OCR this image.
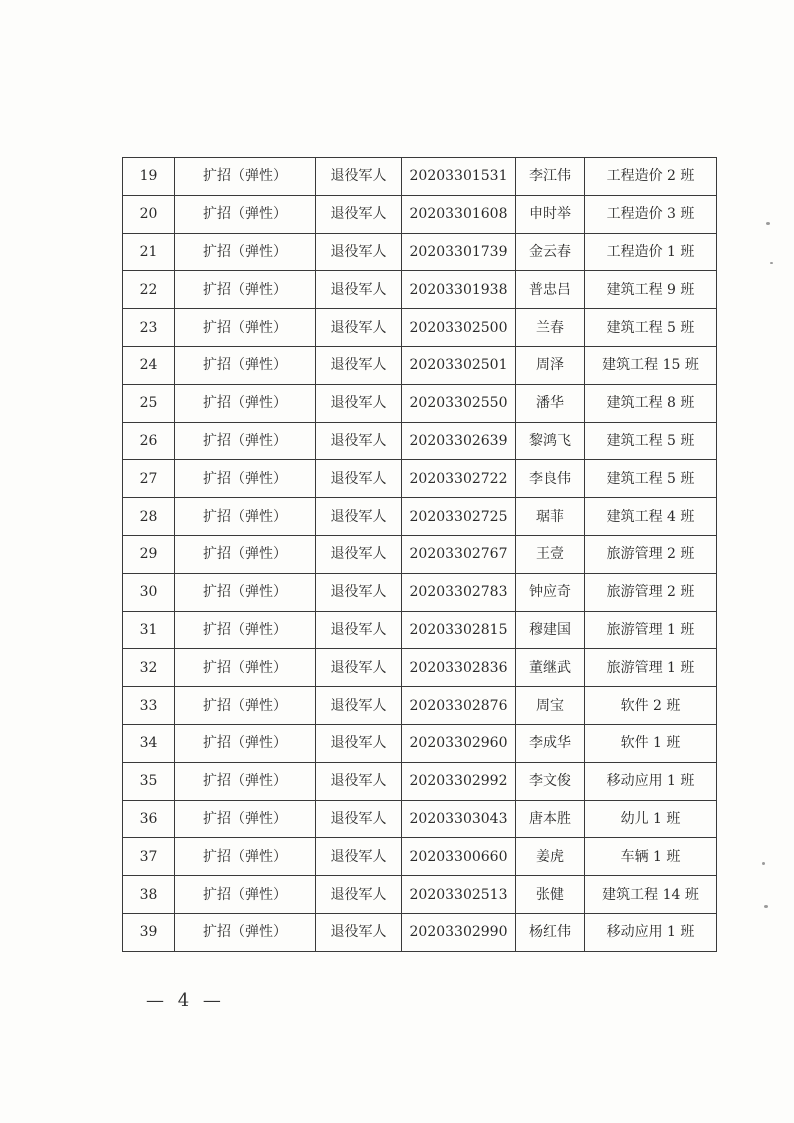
19	扩招（弹性）	退役军人	20203301531	李江伟	工程造价 2 班
20	扩招（弹性）	退役军人	20203301608	申时举	工程造价 3 班
21	扩招（弹性）	退役军人	20203301739	金云春	工程造价 1 班
22	扩招（弹性）	退役军人	20203301938	普忠吕	建筑工程 9 班
23	扩招（弹性）	退役军人	20203302500	兰春	建筑工程 5 班
24	扩招（弹性）	退役军人	20203302501	周泽	建筑工程 15 班
25	扩招（弹性）	退役军人	20203302550	潘华	建筑工程 8 班
26	扩招（弹性）	退役军人	20203302639	黎鸿飞	建筑工程 5 班
27	扩招（弹性）	退役军人	20203302722	李良伟	建筑工程 5 班
28	扩招（弹性）	退役军人	20203302725	琚菲	建筑工程 4 班
29	扩招（弹性）	退役军人	20203302767	王壹	旅游管理 2 班
30	扩招（弹性）	退役军人	20203302783	钟应奇	旅游管理 2 班
31	扩招（弹性）	退役军人	20203302815	穆建国	旅游管理 1 班
32	扩招（弹性）	退役军人	20203302836	董继武	旅游管理 1 班
33	扩招（弹性）	退役军人	20203302876	周宝	软件 2 班
34	扩招（弹性）	退役军人	20203302960	李成华	软件 1 班
35	扩招（弹性）	退役军人	20203302992	李文俊	移动应用 1 班
36	扩招（弹性）	退役军人	20203303043	唐本胜	幼儿 1 班
37	扩招（弹性）	退役军人	20203300660	姜虎	车辆 1 班
38	扩招（弹性）	退役军人	20203302513	张健	建筑工程 14 班
39	扩招（弹性）	退役军人	20203302990	杨红伟	移动应用 1 班
— 4 —
